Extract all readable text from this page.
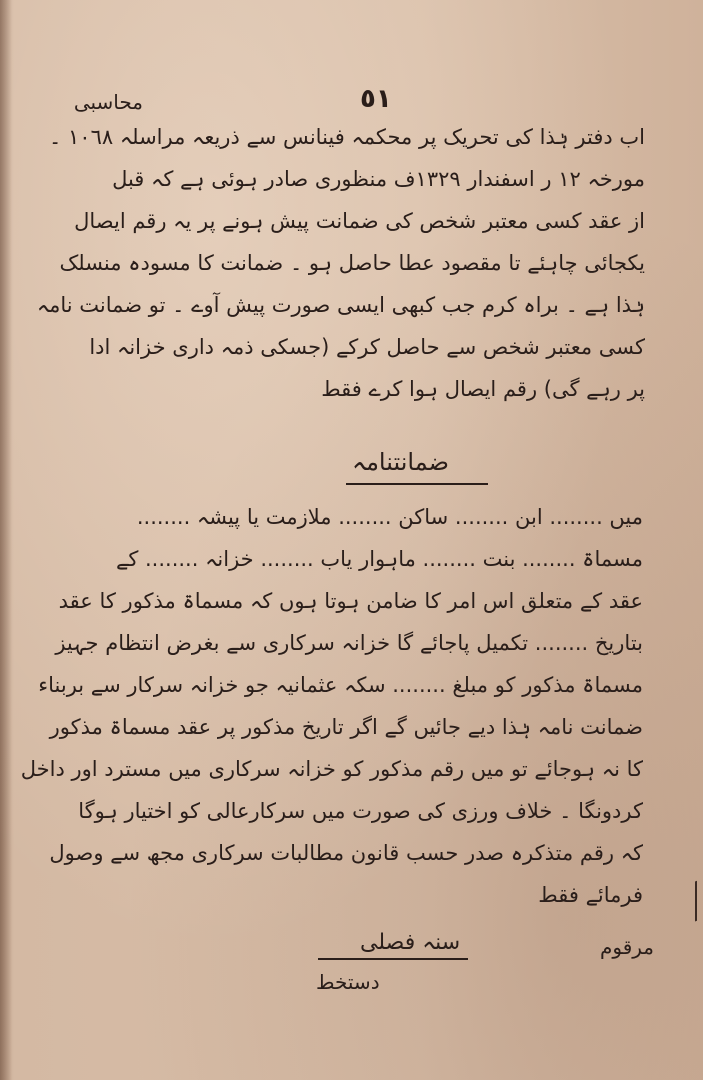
٥١
محاسبی
اب دفتر ہٰذا کی تحریک پر محکمہ فینانس سے ذریعہ مراسلہ ١٠٦٨ ۔
مورخہ ١٢ ر اسفندار ١٣٢٩ف منظوری صادر ہوئی ہے کہ قبل
از عقد کسی معتبر شخص کی ضمانت پیش ہونے پر یہ رقم ایصال
یکجائی چاہئے تا مقصود عطا حاصل ہو ۔ ضمانت کا مسودہ منسلک
ہٰذا ہے ۔ براہ کرم جب کبھی ایسی صورت پیش آوے ۔ تو ضمانت نامہ
کسی معتبر شخص سے حاصل کرکے (جسکی ذمہ داری خزانہ ادا
پر رہے گی) رقم ایصال ہوا کرے فقط
ضمانتنامہ
میں ........ ابن ........ ساکن ........ ملازمت یا پیشہ ........
مسماۃ ........ بنت ........ ماہوار یاب ........ خزانہ ........ کے
عقد کے متعلق اس امر کا ضامن ہوتا ہوں کہ مسماۃ مذکور کا عقد
بتاریخ ........ تکمیل پاجائے گا خزانہ سرکاری سے بغرض انتظام جہیز
مسماۃ مذکور کو مبلغ ........ سکہ عثمانیہ جو خزانہ سرکار سے بربناء
ضمانت نامہ ہٰذا دیے جائیں گے اگر تاریخ مذکور پر عقد مسماۃ مذکور
کا نہ ہوجائے تو میں رقم مذکور کو خزانہ سرکاری میں مسترد اور داخل
کردونگا ۔ خلاف ورزی کی صورت میں سرکارعالی کو اختیار ہوگا
کہ رقم متذکرہ صدر حسب قانون مطالبات سرکاری مجھ سے وصول
فرمائے فقط
مرقوم
سنہ فصلی
دستخط
